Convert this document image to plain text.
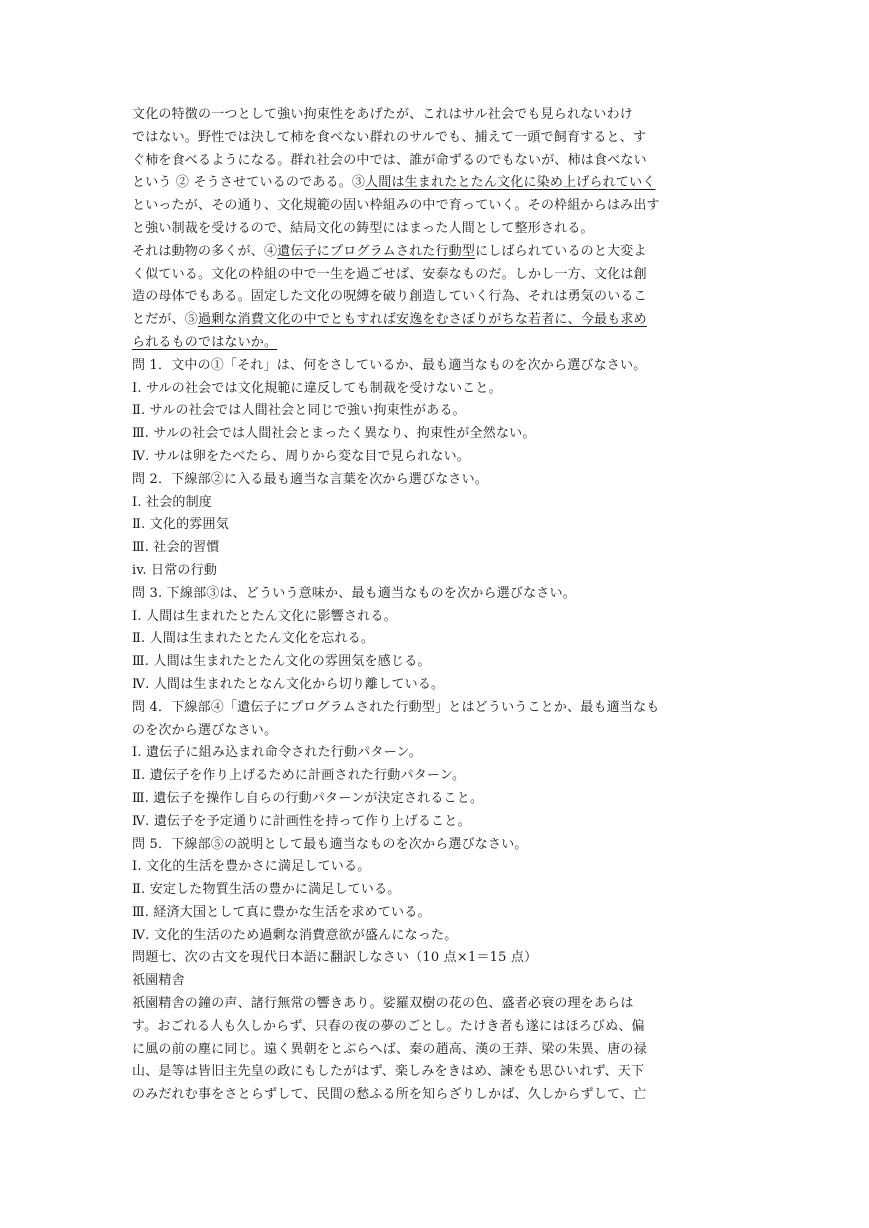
文化の特徴の一つとして強い拘束性をあげたが、これはサル社会でも見られないわけ
ではない。野性では決して柿を食べない群れのサルでも、捕えて一頭で飼育すると、す
ぐ柿を食べるようになる。群れ社会の中では、誰が命ずるのでもないが、柿は食べない
という ② そうさせているのである。③人間は生まれたとたん文化に染め上げられていく
といったが、その通り、文化規範の固い枠組みの中で育っていく。その枠組からはみ出す
と強い制裁を受けるので、結局文化の鋳型にはまった人間として整形される。
それは動物の多くが、④遺伝子にプログラムされた行動型にしばられているのと大変よ
く似ている。文化の枠組の中で一生を過ごせば、安泰なものだ。しかし一方、文化は創
造の母体でもある。固定した文化の呪縛を破り創造していく行為、それは勇気のいるこ
とだが、⑤過剰な消費文化の中でともすれば安逸をむさぼりがちな若者に、今最も求め
られるものではないか。
問 1．文中の①「それ」は、何をさしているか、最も適当なものを次から選びなさい。
Ⅰ. サルの社会では文化規範に違反しても制裁を受けないこと。
Ⅱ. サルの社会では人間社会と同じで強い拘束性がある。
Ⅲ. サルの社会では人間社会とまったく異なり、拘束性が全然ない。
Ⅳ. サルは卵をたべたら、周りから変な目で見られない。
問 2．下線部②に入る最も適当な言葉を次から選びなさい。
Ⅰ. 社会的制度
Ⅱ. 文化的雰囲気
Ⅲ. 社会的習慣
iv. 日常の行動
問 3. 下線部③は、どういう意味か、最も適当なものを次から選びなさい。
Ⅰ. 人間は生まれたとたん文化に影響される。
Ⅱ. 人間は生まれたとたん文化を忘れる。
Ⅲ. 人間は生まれたとたん文化の雰囲気を感じる。
Ⅳ. 人間は生まれたとなん文化から切り離している。
問 4．下線部④「遺伝子にプログラムされた行動型」とはどういうことか、最も適当なも
のを次から選びなさい。
Ⅰ. 遺伝子に組み込まれ命令された行動パターン。
Ⅱ. 遺伝子を作り上げるために計画された行動パターン。
Ⅲ. 遺伝子を操作し自らの行動パターンが決定されること。
Ⅳ. 遺伝子を予定通りに計画性を持って作り上げること。
問 5．下線部⑤の説明として最も適当なものを次から選びなさい。
Ⅰ. 文化的生活を豊かさに満足している。
Ⅱ. 安定した物質生活の豊かに満足している。
Ⅲ. 経済大国として真に豊かな生活を求めている。
Ⅳ. 文化的生活のため過剰な消費意欲が盛んになった。
問題七、次の古文を現代日本語に翻訳しなさい（10 点×1＝15 点）
祇園精舎
祇園精舎の鐘の声、諸行無常の響きあり。娑羅双樹の花の色、盛者必衰の理をあらは
す。おごれる人も久しからず、只春の夜の夢のごとし。たけき者も遂にはほろびぬ、偏
に風の前の塵に同じ。遠く異朝をとぶらへば、秦の趙高、漢の王莽、梁の朱異、唐の禄
山、是等は皆旧主先皇の政にもしたがはず、楽しみをきはめ、諫をも思ひいれず、天下
のみだれむ事をさとらずして、民間の愁ふる所を知らざりしかば、久しからずして、亡
